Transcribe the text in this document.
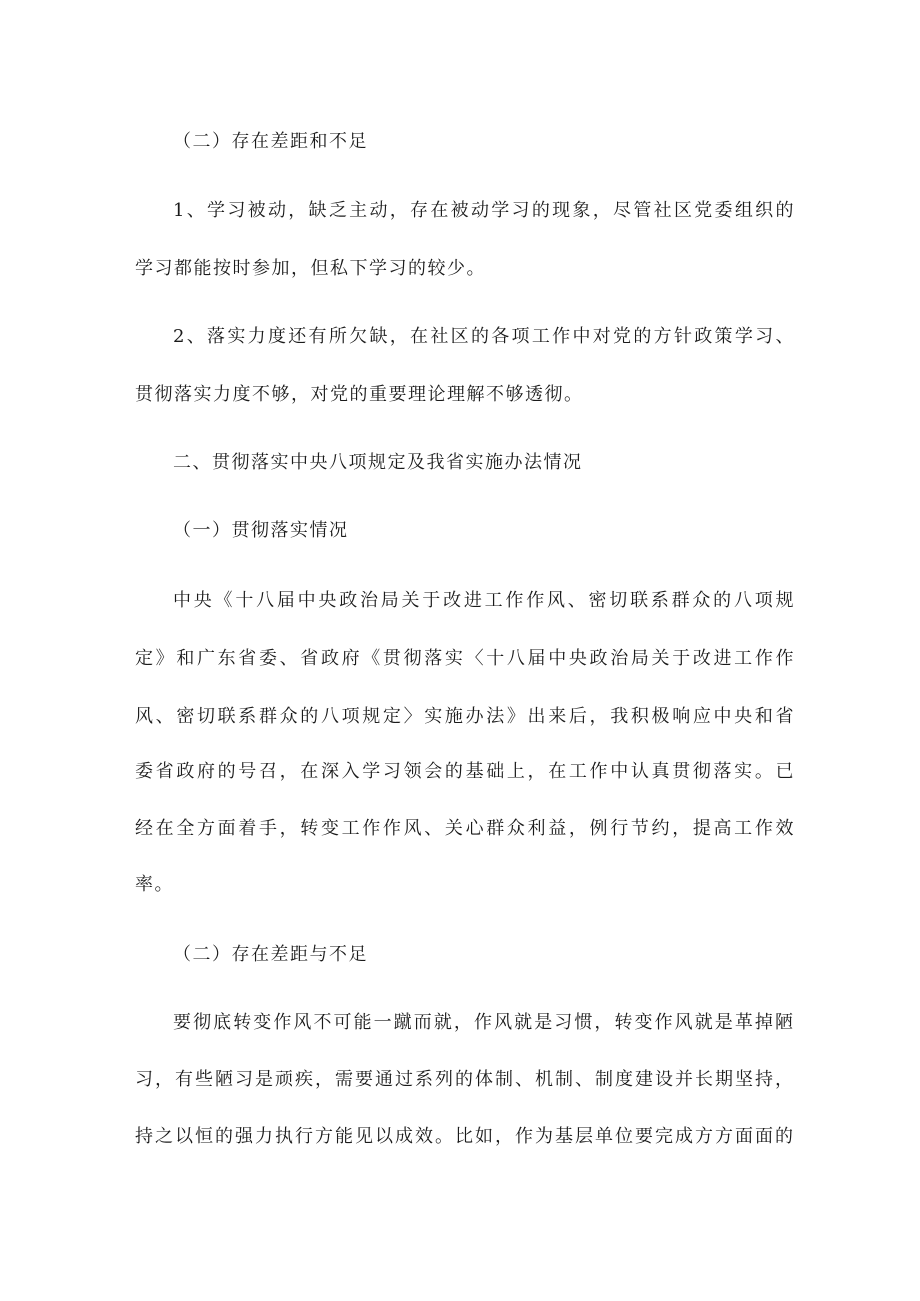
（二）存在差距和不足

1、学习被动，缺乏主动，存在被动学习的现象，尽管社区党委组织的

学习都能按时参加，但私下学习的较少。

2、落实力度还有所欠缺，在社区的各项工作中对党的方针政策学习、

贯彻落实力度不够，对党的重要理论理解不够透彻。

二、贯彻落实中央八项规定及我省实施办法情况

（一）贯彻落实情况

中央《十八届中央政治局关于改进工作作风、密切联系群众的八项规

定》和广东省委、省政府《贯彻落实〈十八届中央政治局关于改进工作作

风、密切联系群众的八项规定〉实施办法》出来后，我积极响应中央和省

委省政府的号召，在深入学习领会的基础上，在工作中认真贯彻落实。已

经在全方面着手，转变工作作风、关心群众利益，例行节约，提高工作效

率。

（二）存在差距与不足

要彻底转变作风不可能一蹴而就，作风就是习惯，转变作风就是革掉陋

习，有些陋习是顽疾，需要通过系列的体制、机制、制度建设并长期坚持，

持之以恒的强力执行方能见以成效。比如，作为基层单位要完成方方面面的
